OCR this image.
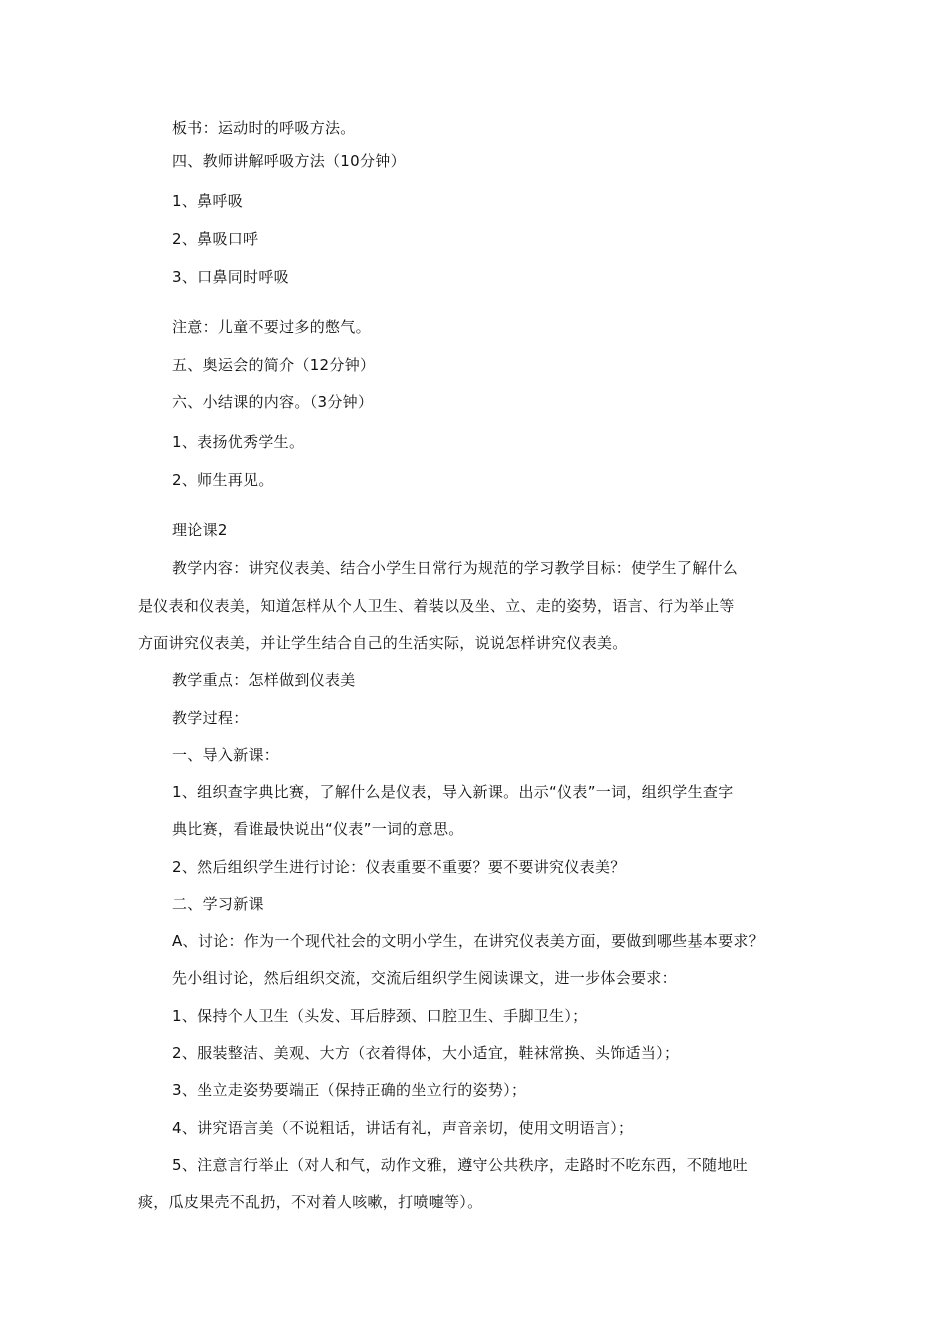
板书：运动时的呼吸方法。
四、教师讲解呼吸方法（10分钟）
1、鼻呼吸
2、鼻吸口呼
3、口鼻同时呼吸
注意：儿童不要过多的憋气。
五、奥运会的简介（12分钟）
六、小结课的内容。（3分钟）
1、表扬优秀学生。
2、师生再见。
理论课2
教学内容：讲究仪表美、结合小学生日常行为规范的学习教学目标：使学生了解什么
是仪表和仪表美，知道怎样从个人卫生、着装以及坐、立、走的姿势，语言、行为举止等
方面讲究仪表美，并让学生结合自己的生活实际，说说怎样讲究仪表美。
教学重点：怎样做到仪表美
教学过程：
一、导入新课：
1、组织查字典比赛，了解什么是仪表，导入新课。出示“仪表”一词，组织学生查字
典比赛，看谁最快说出“仪表”一词的意思。
2、然后组织学生进行讨论：仪表重要不重要？要不要讲究仪表美？
二、学习新课
A、讨论：作为一个现代社会的文明小学生，在讲究仪表美方面，要做到哪些基本要求？
先小组讨论，然后组织交流，交流后组织学生阅读课文，进一步体会要求：
1、保持个人卫生（头发、耳后脖颈、口腔卫生、手脚卫生）；
2、服装整洁、美观、大方（衣着得体，大小适宜，鞋袜常换、头饰适当）；
3、坐立走姿势要端正（保持正确的坐立行的姿势）；
4、讲究语言美（不说粗话，讲话有礼，声音亲切，使用文明语言）；
5、注意言行举止（对人和气，动作文雅，遵守公共秩序，走路时不吃东西，不随地吐
痰，瓜皮果壳不乱扔，不对着人咳嗽，打喷嚏等）。
